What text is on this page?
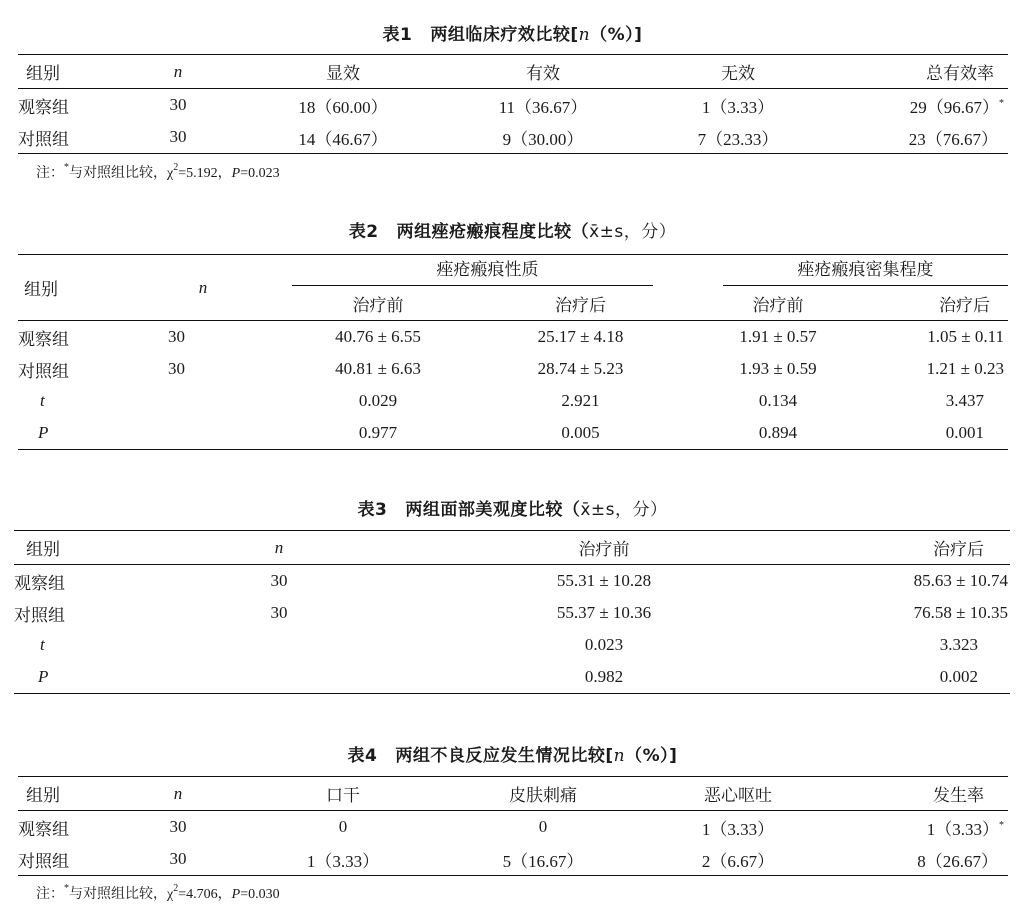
表1 两组临床疗效比较[n（%）]
组别	n	显效	有效	无效	总有效率
观察组	30	18（60.00）	11（36.67）	1（3.33）	29（96.67）*
对照组	30	14（46.67）	9（30.00）	7（23.33）	23（76.67）
注：*与对照组比较，$\chi^2=5.192$，P=0.023
表2 两组痤疮瘢痕程度比较（x̄±s，分）
组别	n	痤疮瘢痕性质		痤疮瘢痕密集程度	

		治疗前	治疗后	治疗前	治疗后
观察组	30	40.76 ± 6.55	25.17 ± 4.18	1.91 ± 0.57	1.05 ± 0.11
对照组	30	40.81 ± 6.63	28.74 ± 5.23	1.93 ± 0.59	1.21 ± 0.23
t		0.029	2.921	0.134	3.437
P		0.977	0.005	0.894	0.001
表3 两组面部美观度比较（x̄±s，分）
组别	n	治疗前	治疗后
观察组	30	55.31 ± 10.28	85.63 ± 10.74
对照组	30	55.37 ± 10.36	76.58 ± 10.35
t		0.023	3.323
P		0.982	0.002
表4 两组不良反应发生情况比较[n（%）]
组别	n	口干	皮肤刺痛	恶心呕吐	发生率
观察组	30	0	0	1（3.33）	1（3.33）*
对照组	30	1（3.33）	5（16.67）	2（6.67）	8（26.67）
注：*与对照组比较，$\chi^2=4.706$，P=0.030
